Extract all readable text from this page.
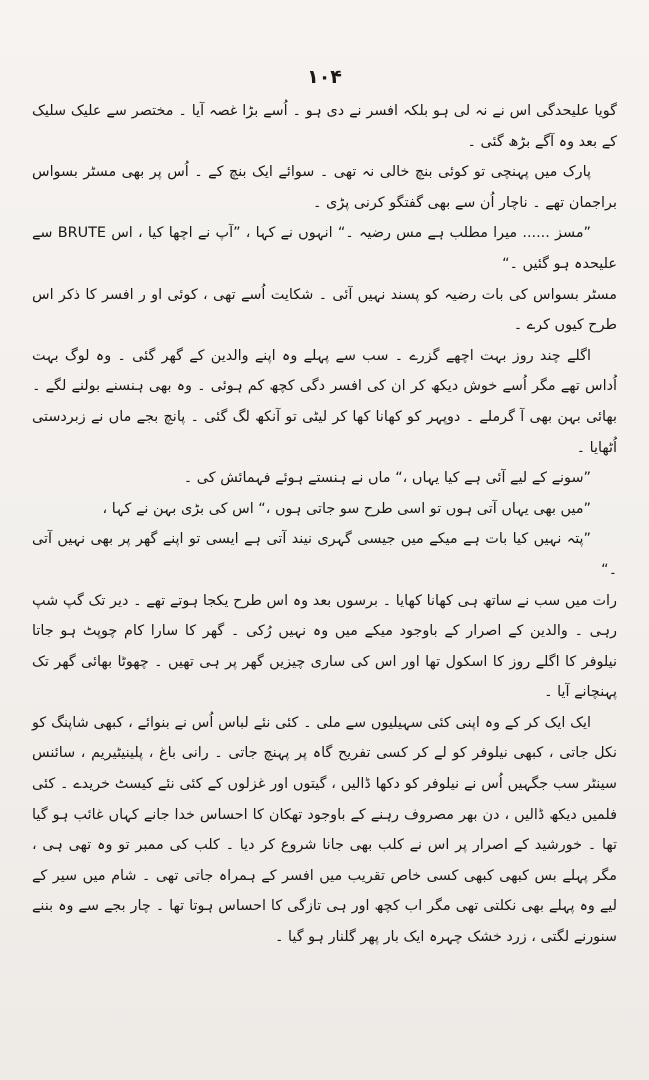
۱۰۴

گویا علیحدگی اس نے نہ لی ہو بلکہ افسر نے دی ہو ۔ اُسے بڑا غصہ آیا ۔ مختصر سے علیک سلیک کے بعد وہ آگے بڑھ گئی ۔

پارک میں پہنچی تو کوئی بنچ خالی نہ تھی ۔ سوائے ایک بنچ کے ۔ اُس پر بھی مسٹر بسواس براجمان تھے ۔ ناچار اُن سے بھی گفتگو کرنی پڑی ۔

”مسز ...... میرا مطلب ہے مس رضیہ ۔“ انہوں نے کہا ، ”آپ نے اچھا کیا ، اس BRUTE سے علیحدہ ہو گئیں ۔“

مسٹر بسواس کی بات رضیہ کو پسند نہیں آئی ۔ شکایت اُسے تھی ، کوئی او ر افسر کا ذکر اس طرح کیوں کرے ۔

اگلے چند روز بہت اچھے گزرے ۔ سب سے پہلے وہ اپنے والدین کے گھر گئی ۔ وہ لوگ بہت اُداس تھے مگر اُسے خوش دیکھ کر ان کی افسر دگی کچھ کم ہوئی ۔ وہ بھی ہنسنے بولنے لگے ۔ بھائی بہن بھی آ گرملے ۔ دوپہر کو کھانا کھا کر لیٹی تو آنکھ لگ گئی ۔ پانچ بجے ماں نے زبردستی اُٹھایا ۔

”سونے کے لیے آئی ہے کیا یہاں ،“ ماں نے ہنستے ہوئے فہمائش کی ۔

”میں بھی یہاں آتی ہوں تو اسی طرح سو جاتی ہوں ،“ اس کی بڑی بہن نے کہا ،

”پتہ نہیں کیا بات ہے میکے میں جیسی گہری نیند آتی ہے ایسی تو اپنے گھر پر بھی نہیں آتی ۔“

رات میں سب نے ساتھ ہی کھانا کھایا ۔ برسوں بعد وہ اس طرح یکجا ہوتے تھے ۔ دیر تک گپ شپ رہی ۔ والدین کے اصرار کے باوجود میکے میں وہ نہیں رُکی ۔ گھر کا سارا کام چوپٹ ہو جاتا نیلوفر کا اگلے روز کا اسکول تھا اور اس کی ساری چیزیں گھر پر ہی تھیں ۔ چھوٹا بھائی گھر تک پہنچانے آیا ۔

ایک ایک کر کے وہ اپنی کئی سہیلیوں سے ملی ۔ کئی نئے لباس اُس نے بنوائے ، کبھی شاپنگ کو نکل جاتی ، کبھی نیلوفر کو لے کر کسی تفریح گاہ پر پہنچ جاتی ۔ رانی باغ ، پلینیٹیریم ، سائنس سینٹر سب جگہیں اُس نے نیلوفر کو دکھا ڈالیں ، گیتوں اور غزلوں کے کئی نئے کیسٹ خریدے ۔ کئی فلمیں دیکھ ڈالیں ، دن بھر مصروف رہنے کے باوجود تھکان کا احساس خدا جانے کہاں غائب ہو گیا تھا ۔ خورشید کے اصرار پر اس نے کلب بھی جانا شروع کر دیا ۔ کلب کی ممبر تو وہ تھی ہی ، مگر پہلے بس کبھی کبھی کسی خاص تقریب میں افسر کے ہمراہ جاتی تھی ۔ شام میں سیر کے لیے وہ پہلے بھی نکلتی تھی مگر اب کچھ اور ہی تازگی کا احساس ہوتا تھا ۔ چار بجے سے وہ بننے سنورنے لگتی ، زرد خشک چہرہ ایک بار پھر گلنار ہو گیا ۔
